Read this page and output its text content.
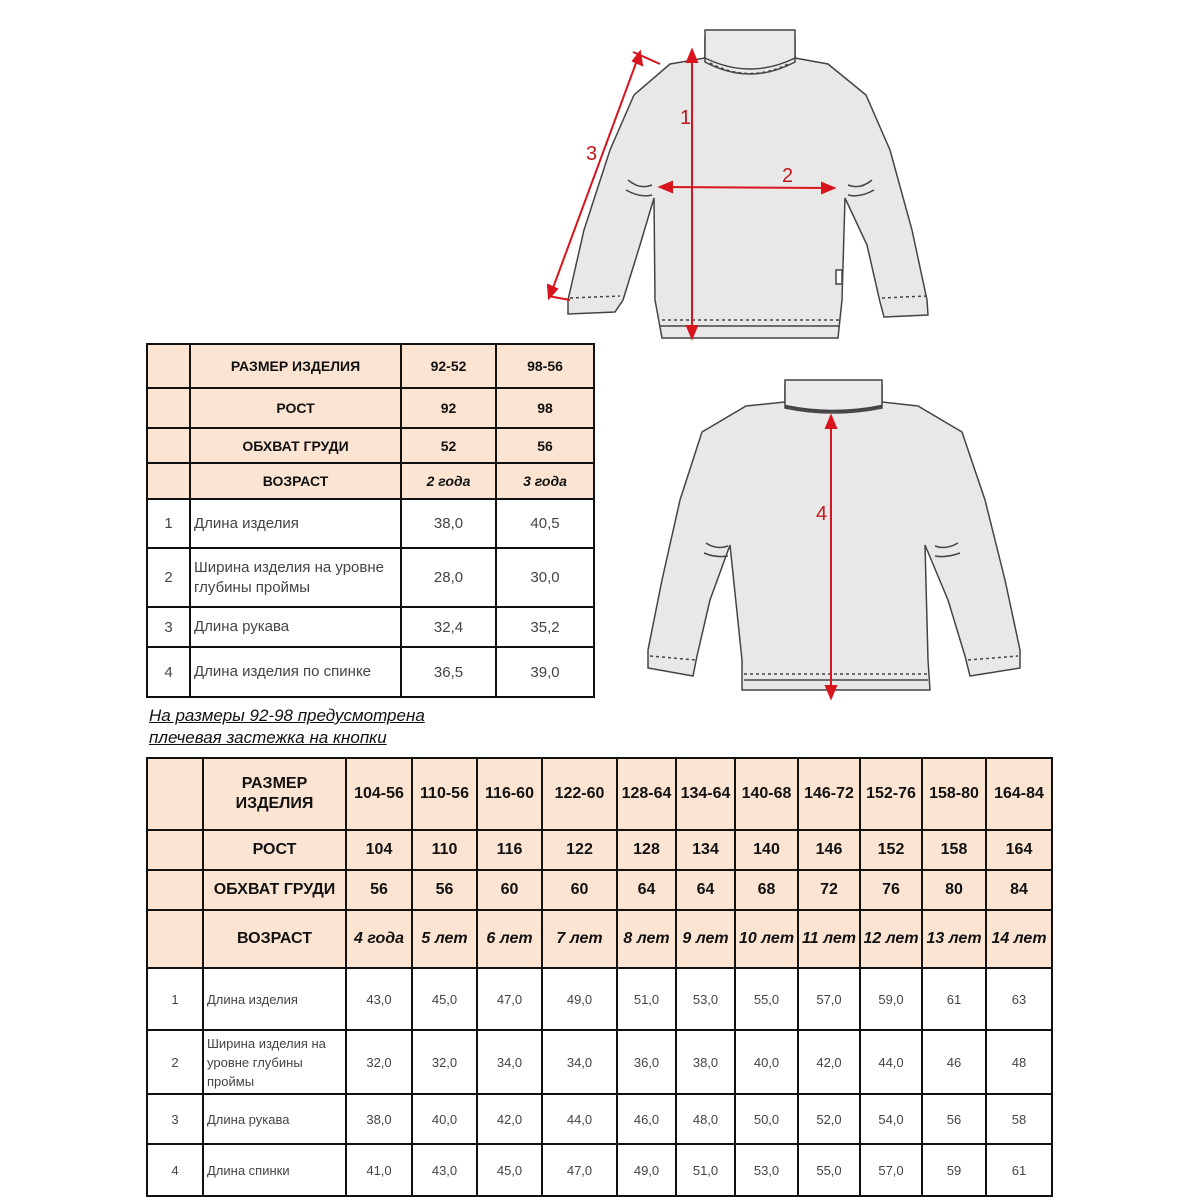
1
2
3
4
	РАЗМЕР ИЗДЕЛИЯ	92-52	98-56
	РОСТ	92	98
	ОБХВАТ ГРУДИ	52	56
	ВОЗРАСТ	2 года	3 года
1	Длина изделия	38,0	40,5
2	Ширина изделия на уровне глубины проймы	28,0	30,0
3	Длина рукава	32,4	35,2
4	Длина изделия по спинке	36,5	39,0
На размеры 92-98 предусмотрена
плечевая застежка на кнопки
	РАЗМЕР ИЗДЕЛИЯ	104-56	110-56	116-60	122-60	128-64	134-64	140-68	146-72	152-76	158-80	164-84
	РОСТ	104	110	116	122	128	134	140	146	152	158	164
	ОБХВАТ ГРУДИ	56	56	60	60	64	64	68	72	76	80	84
	ВОЗРАСТ	4 года	5 лет	6 лет	7 лет	8 лет	9 лет	10 лет	11 лет	12 лет	13 лет	14 лет
1	Длина изделия	43,0	45,0	47,0	49,0	51,0	53,0	55,0	57,0	59,0	61	63
2	Ширина изделия на уровне глубины проймы	32,0	32,0	34,0	34,0	36,0	38,0	40,0	42,0	44,0	46	48
3	Длина рукава	38,0	40,0	42,0	44,0	46,0	48,0	50,0	52,0	54,0	56	58
4	Длина спинки	41,0	43,0	45,0	47,0	49,0	51,0	53,0	55,0	57,0	59	61
